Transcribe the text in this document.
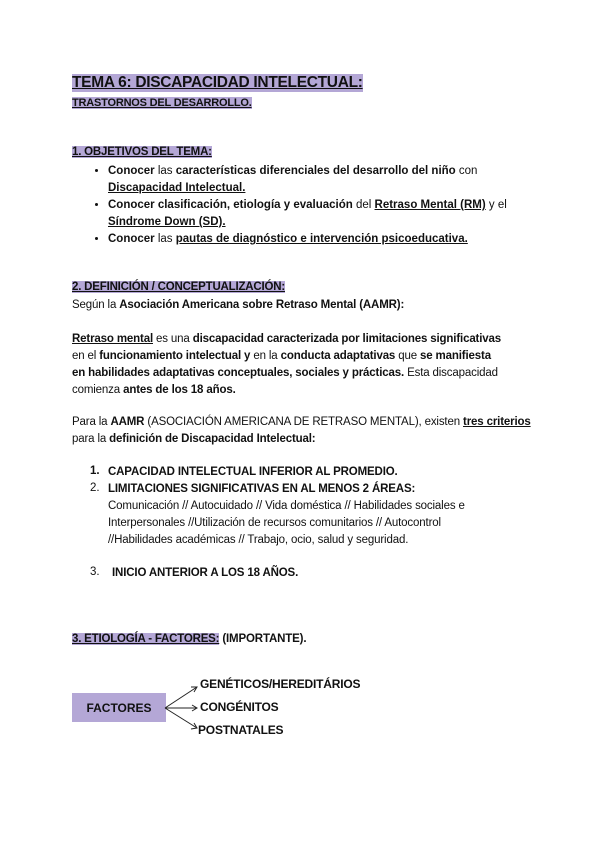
TEMA 6: DISCAPACIDAD INTELECTUAL:
TRASTORNOS DEL DESARROLLO.
1. OBJETIVOS DEL TEMA:
• Conocer las características diferenciales del desarrollo del niño con
Discapacidad Intelectual.
• Conocer clasificación, etiología y evaluación del Retraso Mental (RM) y el
Síndrome Down (SD).
• Conocer las pautas de diagnóstico e intervención psicoeducativa.
2. DEFINICIÓN / CONCEPTUALIZACIÓN:
Según la Asociación Americana sobre Retraso Mental (AAMR):
Retraso mental es una discapacidad caracterizada por limitaciones significativas
en el funcionamiento intelectual y en la conducta adaptativas que se manifiesta
en habilidades adaptativas conceptuales, sociales y prácticas. Esta discapacidad
comienza antes de los 18 años.
Para la AAMR (ASOCIACIÓN AMERICANA DE RETRASO MENTAL), existen tres criterios
para la definición de Discapacidad Intelectual:
1. CAPACIDAD INTELECTUAL INFERIOR AL PROMEDIO.
2. LIMITACIONES SIGNIFICATIVAS EN AL MENOS 2 ÁREAS:
Comunicación // Autocuidado // Vida doméstica // Habilidades sociales e
Interpersonales //Utilización de recursos comunitarios // Autocontrol
//Habilidades académicas // Trabajo, ocio, salud y seguridad.
3. INICIO ANTERIOR A LOS 18 AÑOS.
3. ETIOLOGÍA - FACTORES: (IMPORTANTE).
FACTORES
GENÉTICOS/HEREDITÁRIOS
CONGÉNITOS
POSTNATALES
